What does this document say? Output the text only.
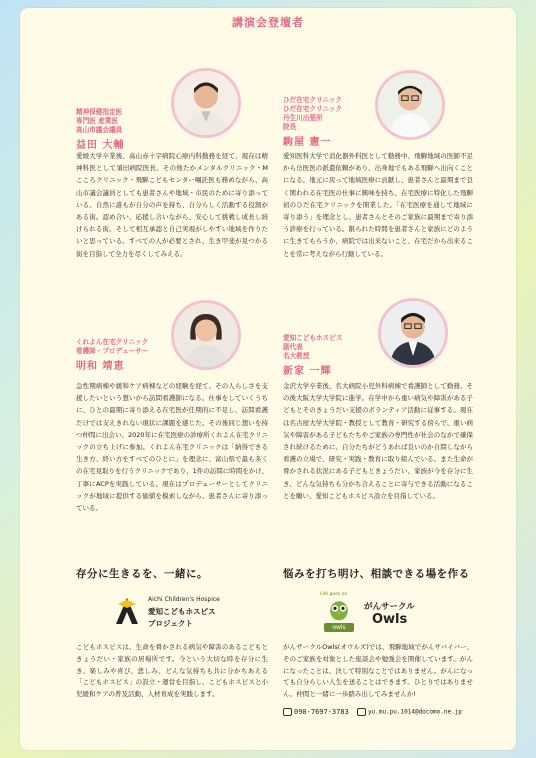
講演会登壇者
精神保健指定医
専門医 産業医
高山市議会議員
益田 大輔
愛媛大学卒業後、高山赤十字病院心療内科勤務を経て、現在は精神科医として須田病院医長、その他たかメンタルクリニック・Mこころクリニック・飛騨こどもセンター嘱託医も務めながら、高山市議会議員としても患者さんや地域・市民のために寄り添っている。自然に誰もが自分の声を持ち、自分らしく活動する役割がある街。認め合い、応援し合いながら、安心して挑戦し成長し続けられる街。そして相互承認と自己実現がしやすい地域を作りたいと思っている。すべての人が必要とされ、生き甲斐が見つかる街を目指して全力を尽くしてみえる。
ひだ在宅クリニック
ひだ在宅クリニック
丹生川出張所
院長
駒屋 憲一
愛知医科大学で消化器外科医として勤務中、飛騨地域の医師不足から岳医医の派遣依頼があり、出身地でもある飛騨へ出向くことになる。地元に戻って地域医療に貢献し、患者さんと最期まで良く関われる在宅医の仕事に興味を持ち、在宅医療に特化した飛騨初のひだ在宅クリニックを開業した。「在宅医療を通して地域に寄り添う」を理念とし、患者さんとそのご家族に最期まで寄り添う診療を行っている。限られた時間を患者さんと家族にどのように生きてもらうか、病院では出来ないこと、在宅だから出来ることを常に考えながら行動している。
くれよん在宅クリニック
看護師・プロデューサー
明和 靖恵
急性期病棟や緩和ケア病棟などの経験を経て、その人らしさを支援したいという想いから訪問看護師になる。仕事をしていくうちに、ひとの最期に寄り添える在宅医が任期的に不足し、訪問看護だけでは支えきれない現状に課題を感じた。その後同じ想いを持つ仲間に出会い、2020年に在宅医療の診療所くれよん在宅クリニックの立ち上げに参加。くれよん在宅クリニックは「納得できる生き方、終い方をすべてのひとに」を理念に、富山県で最も多くの在宅見取りを行うクリニックであり、1件の訪問に時間をかけ、丁寧にACPを実践している。現在はプロデューサーとしてクリニックが地域に提供する価値を模索しながら、患者さんに寄り添っている。
愛知こどもホスピス
副代表
名大教授
新家 一輝
金沢大学卒業後、名大病院小児外科病棟で看護師として勤務。その後大阪大学大学院に進学。在学中から重い病気や障害がある子どもとそのきょうだい支援のボランティア活動に従事する。現在は名古屋大学大学院・教授として教育・研究する傍らで、重い病気や障害がある子どもたちやご家族の専門性が社会のなかで確保され続けるために、自分たちがどうあれば良いのか自問しながら看護の立場で、研究・実践・教育に取り組んでいる。また生命が脅かされる状況にある子どもときょうだい、家族が今を存分に生き、どんな気持ちも分かち合えることに寄与できる活動になることを願い、愛知こどもホスピス設立を目指している。
存分に生きるを、一緒に。
Aichi Children's Hospice
愛知こどもホスピス
プロジェクト
こどもホスピスは、生命を脅かされる病気や障害のあるこどもときょうだい・家族の居場所です。今という大切な時を存分に生き、楽しみや喜び、悲しみ、どんな気持ちも共に分かちあえる「こどもホスピス」の設立・運営を目指し、こどもホスピスと小児緩和ケアの普及活動、人材育成を実践します。
悩みを打ち明け、相談できる場を作る
Life goes on
owls
がんサークル
Owls
がんサークルOwls(オウルズ)では、飛騨地域でがんサバイバー、そのご家族を対象とした座談会や勉強会を開催しています。がんになったことは、決して特別なことではありません。がんになっても自分らしい人生を送ることはできます。ひとりではありません。仲間と一緒に一歩踏み出してみませんか!
090-7697-3783	yu.mu.pu.1014@docomo.ne.jp
